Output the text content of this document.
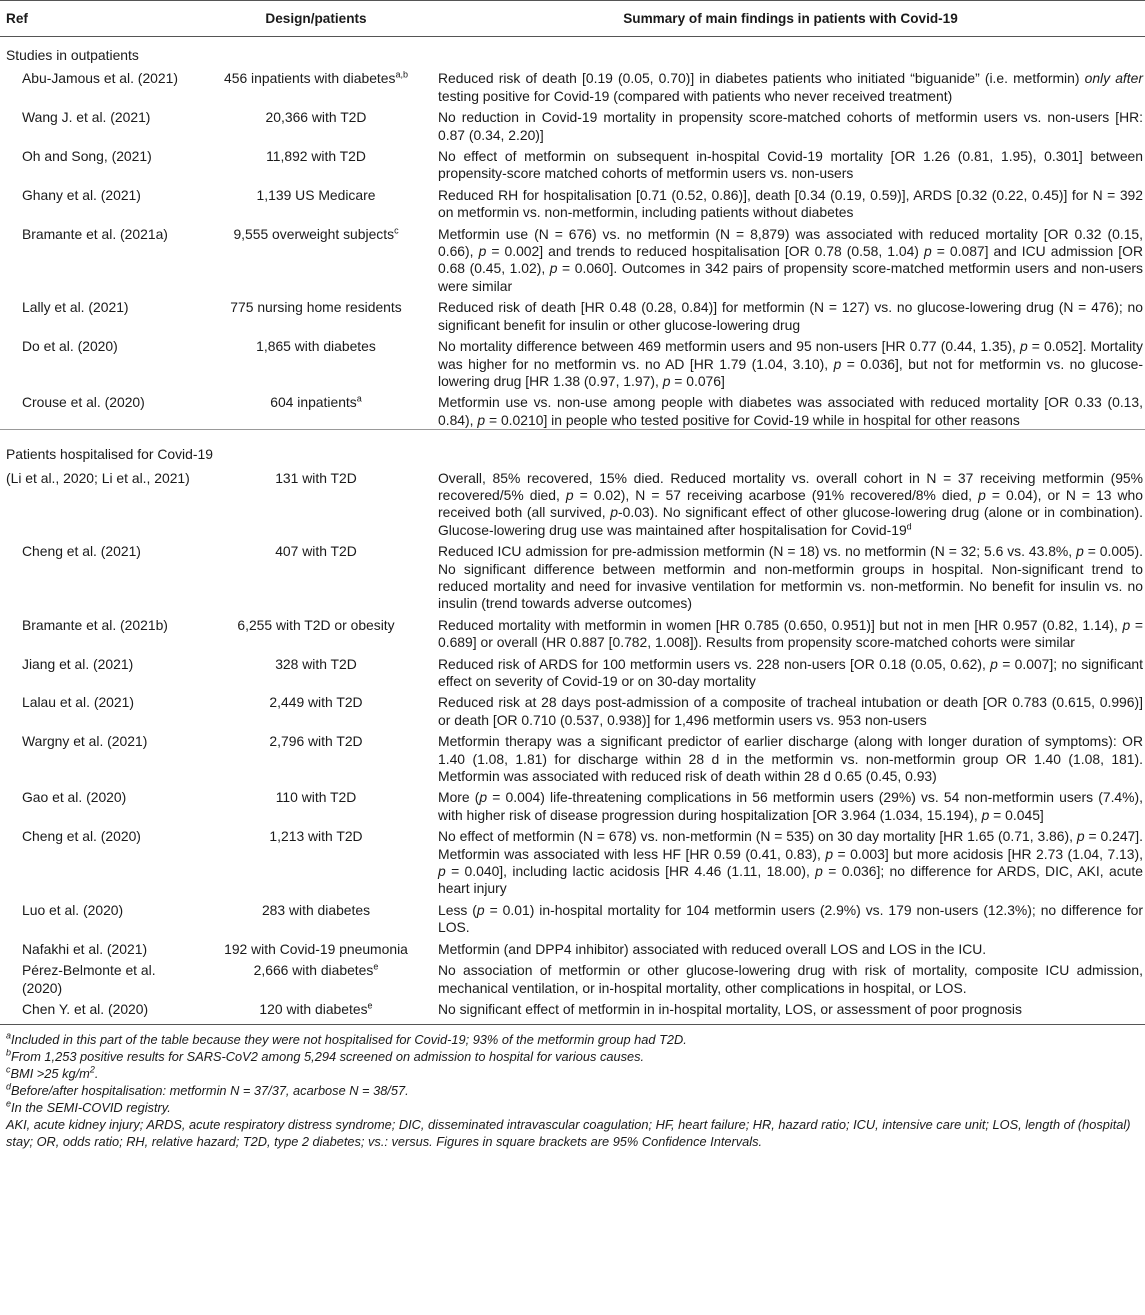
Ref	Design/patients	Summary of main findings in patients with Covid-19
Studies in outpatients		
Abu-Jamous et al. (2021)	456 inpatients with diabetes$^{a,b}$	Reduced risk of death [0.19 (0.05, 0.70)] in diabetes patients who initiated “biguanide” (i.e. metformin) only after testing positive for Covid-19 (compared with patients who never received treatment)
Wang J. et al. (2021)	20,366 with T2D	No reduction in Covid-19 mortality in propensity score-matched cohorts of metformin users vs. non-users [HR: 0.87 (0.34, 2.20)]
Oh and Song, (2021)	11,892 with T2D	No effect of metformin on subsequent in-hospital Covid-19 mortality [OR 1.26 (0.81, 1.95), 0.301] between propensity-score matched cohorts of metformin users vs. non-users
Ghany et al. (2021)	1,139 US Medicare	Reduced RH for hospitalisation [0.71 (0.52, 0.86)], death [0.34 (0.19, 0.59)], ARDS [0.32 (0.22, 0.45)] for N = 392 on metformin vs. non-metformin, including patients without diabetes
Bramante et al. (2021a)	9,555 overweight subjects$^c$	Metformin use (N = 676) vs. no metformin (N = 8,879) was associated with reduced mortality [OR 0.32 (0.15, 0.66), p = 0.002] and trends to reduced hospitalisation [OR 0.78 (0.58, 1.04) p = 0.087] and ICU admission [OR 0.68 (0.45, 1.02), p = 0.060]. Outcomes in 342 pairs of propensity score-matched metformin users and non-users were similar
Lally et al. (2021)	775 nursing home residents	Reduced risk of death [HR 0.48 (0.28, 0.84)] for metformin (N = 127) vs. no glucose-lowering drug (N = 476); no significant benefit for insulin or other glucose-lowering drug
Do et al. (2020)	1,865 with diabetes	No mortality difference between 469 metformin users and 95 non-users [HR 0.77 (0.44, 1.35), p = 0.052]. Mortality was higher for no metformin vs. no AD [HR 1.79 (1.04, 3.10), p = 0.036], but not for metformin vs. no glucose-lowering drug [HR 1.38 (0.97, 1.97), p = 0.076]
Crouse et al. (2020)	604 inpatients$^a$	Metformin use vs. non-use among people with diabetes was associated with reduced mortality [OR 0.33 (0.13, 0.84), p = 0.0210] in people who tested positive for Covid-19 while in hospital for other reasons

Patients hospitalised for Covid-19		
(Li et al., 2020; Li et al., 2021)	131 with T2D	Overall, 85% recovered, 15% died. Reduced mortality vs. overall cohort in N = 37 receiving metformin (95% recovered/5% died, p = 0.02), N = 57 receiving acarbose (91% recovered/8% died, p = 0.04), or N = 13 who received both (all survived, p-0.03). No significant effect of other glucose-lowering drug (alone or in combination). Glucose-lowering drug use was maintained after hospitalisation for Covid-19$^d$
Cheng et al. (2021)	407 with T2D	Reduced ICU admission for pre-admission metformin (N = 18) vs. no metformin (N = 32; 5.6 vs. 43.8%, p = 0.005). No significant difference between metformin and non-metformin groups in hospital. Non-significant trend to reduced mortality and need for invasive ventilation for metformin vs. non-metformin. No benefit for insulin vs. no insulin (trend towards adverse outcomes)
Bramante et al. (2021b)	6,255 with T2D or obesity	Reduced mortality with metformin in women [HR 0.785 (0.650, 0.951)] but not in men [HR 0.957 (0.82, 1.14), p = 0.689] or overall (HR 0.887 [0.782, 1.008]). Results from propensity score-matched cohorts were similar
Jiang et al. (2021)	328 with T2D	Reduced risk of ARDS for 100 metformin users vs. 228 non-users [OR 0.18 (0.05, 0.62), p = 0.007]; no significant effect on severity of Covid-19 or on 30-day mortality
Lalau et al. (2021)	2,449 with T2D	Reduced risk at 28 days post-admission of a composite of tracheal intubation or death [OR 0.783 (0.615, 0.996)] or death [OR 0.710 (0.537, 0.938)] for 1,496 metformin users vs. 953 non-users
Wargny et al. (2021)	2,796 with T2D	Metformin therapy was a significant predictor of earlier discharge (along with longer duration of symptoms): OR 1.40 (1.08, 1.81) for discharge within 28 d in the metformin vs. non-metformin group OR 1.40 (1.08, 181). Metformin was associated with reduced risk of death within 28 d 0.65 (0.45, 0.93)
Gao et al. (2020)	110 with T2D	More (p = 0.004) life-threatening complications in 56 metformin users (29%) vs. 54 non-metformin users (7.4%), with higher risk of disease progression during hospitalization [OR 3.964 (1.034, 15.194), p = 0.045]
Cheng et al. (2020)	1,213 with T2D	No effect of metformin (N = 678) vs. non-metformin (N = 535) on 30 day mortality [HR 1.65 (0.71, 3.86), p = 0.247]. Metformin was associated with less HF [HR 0.59 (0.41, 0.83), p = 0.003] but more acidosis [HR 2.73 (1.04, 7.13), p = 0.040], including lactic acidosis [HR 4.46 (1.11, 18.00), p = 0.036]; no difference for ARDS, DIC, AKI, acute heart injury
Luo et al. (2020)	283 with diabetes	Less (p = 0.01) in-hospital mortality for 104 metformin users (2.9%) vs. 179 non-users (12.3%); no difference for LOS.
Nafakhi et al. (2021)	192 with Covid-19 pneumonia	Metformin (and DPP4 inhibitor) associated with reduced overall LOS and LOS in the ICU.
Pérez-Belmonte et al. (2020)	2,666 with diabetes$^e$	No association of metformin or other glucose-lowering drug with risk of mortality, composite ICU admission, mechanical ventilation, or in-hospital mortality, other complications in hospital, or LOS.
Chen Y. et al. (2020)	120 with diabetes$^e$	No significant effect of metformin in in-hospital mortality, LOS, or assessment of poor prognosis

$^a$Included in this part of the table because they were not hospitalised for Covid-19; 93% of the metformin group had T2D.

$^b$From 1,253 positive results for SARS-CoV2 among 5,294 screened on admission to hospital for various causes.

$^c$BMI >25 $kg/m^2$.

$^d$Before/after hospitalisation: metformin N = 37/37, acarbose N = 38/57.

$^e$In the SEMI-COVID registry.

AKI, acute kidney injury; ARDS, acute respiratory distress syndrome; DIC, disseminated intravascular coagulation; HF, heart failure; HR, hazard ratio; ICU, intensive care unit; LOS, length of (hospital) stay; OR, odds ratio; RH, relative hazard; T2D, type 2 diabetes; vs.: versus. Figures in square brackets are 95% Confidence Intervals.
